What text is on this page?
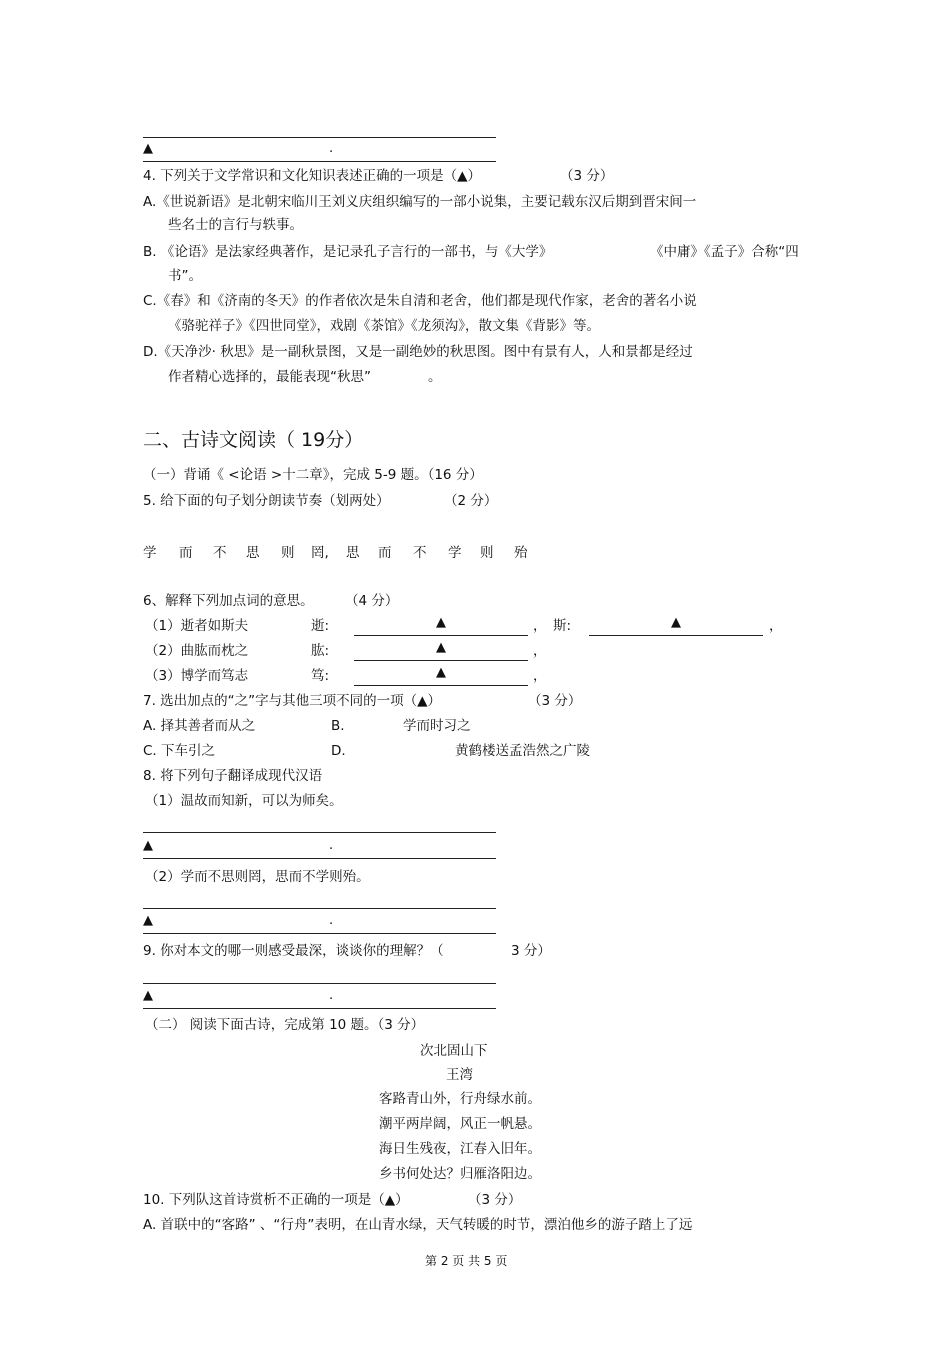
▲	.
4. 下列关于文学常识和文化知识表述正确的一项是（▲）	（3 分）
A.《世说新语》是北朝宋临川王刘义庆组织编写的一部小说集，主要记载东汉后期到晋宋间一
些名士的言行与轶事。
B. 《论语》是法家经典著作，是记录孔子言行的一部书，与《大学》	《中庸》《孟子》合称“四
书”。
C.《春》和《济南的冬天》的作者依次是朱自清和老舍，他们都是现代作家，老舍的著名小说
《骆驼祥子》《四世同堂》，戏剧《茶馆》《龙须沟》，散文集《背影》等。
D.《天净沙· 秋思》是一副秋景图，又是一副绝妙的秋思图。图中有景有人，人和景都是经过
作者精心选择的，最能表现“秋思”	。
二、古诗文阅读（ 19分）
（一）背诵《 <论语 >十二章》，完成 5-9 题。（16 分）
5. 给下面的句子划分朗读节奏（划两处）	（2 分）
学 而 不 思 则 罔, 思 而 不 学 则 殆
6、解释下列加点词的意思。 （4 分）
（1）逝者如斯夫	逝:	▲	， 斯:	▲	，
（2）曲肱而枕之	肱:	▲	，
（3）博学而笃志	笃:	▲	，
7. 选出加点的“之”字与其他三项不同的一项（▲）	（3 分）
A. 择其善者而从之	B.	学而时习之
C. 下车引之	D.	黄鹤楼送孟浩然之广陵
8. 将下列句子翻译成现代汉语
（1）温故而知新，可以为师矣。
▲	.
（2）学而不思则罔，思而不学则殆。
▲	.
9. 你对本文的哪一则感受最深，谈谈你的理解？（	3 分）
▲	.
（二） 阅读下面古诗，完成第 10 题。（3 分）
次北固山下
王湾
客路青山外，行舟绿水前。
潮平两岸阔，风正一帆悬。
海日生残夜，江春入旧年。
乡书何处达？归雁洛阳边。
10. 下列队这首诗赏析不正确的一项是（▲）	（3 分）
A. 首联中的“客路” 、“行舟”表明，在山青水绿，天气转暖的时节，漂泊他乡的游子踏上了远
第 2 页 共 5 页
